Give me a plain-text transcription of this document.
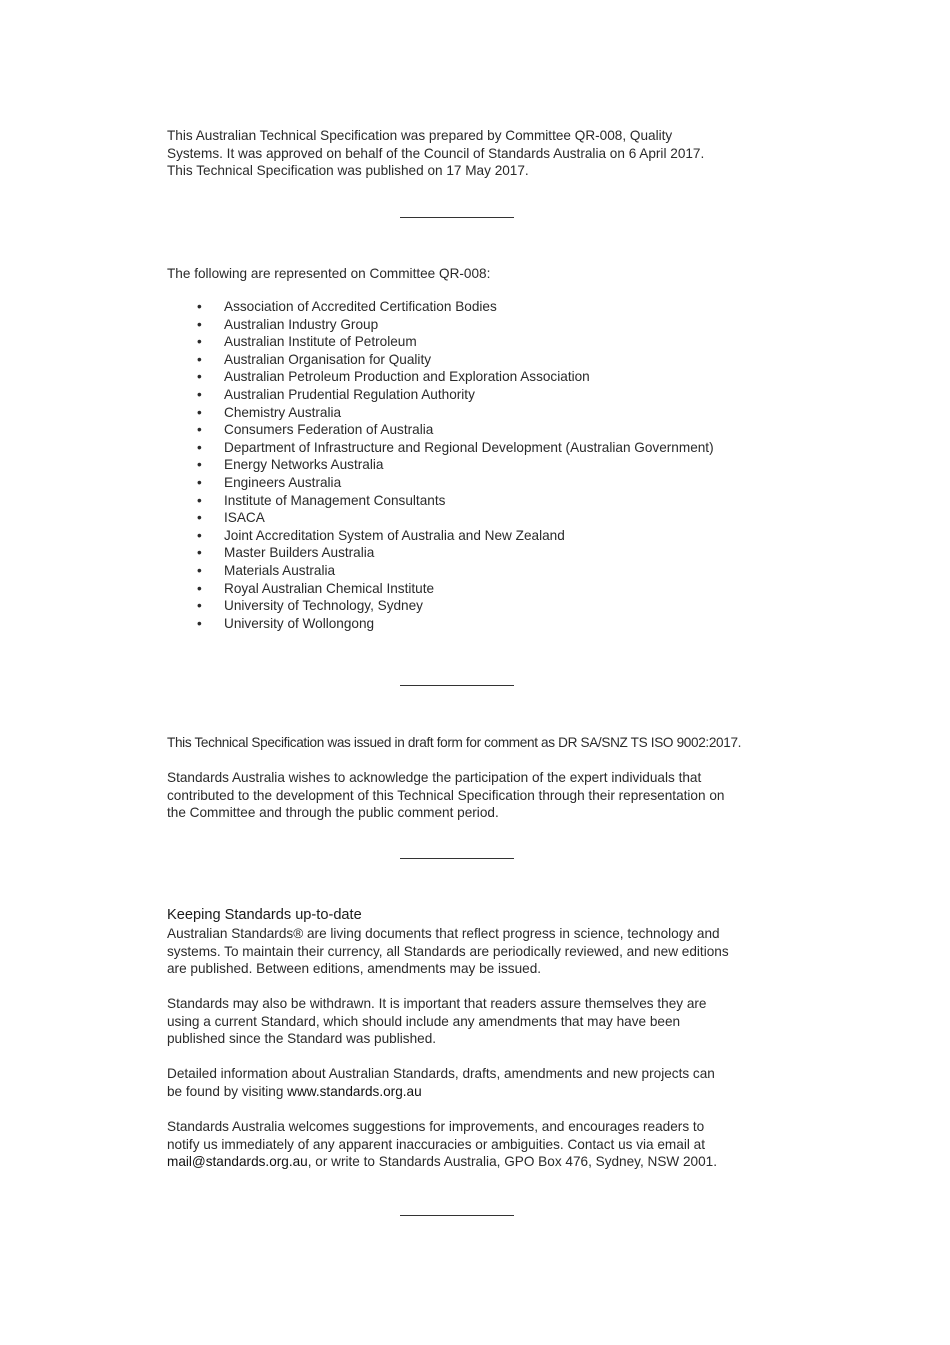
This Australian Technical Specification was prepared by Committee QR-008, Quality

Systems. It was approved on behalf of the Council of Standards Australia on 6 April 2017.

This Technical Specification was published on 17 May 2017.

The following are represented on Committee QR-008:

• Association of Accredited Certification Bodies
• Australian Industry Group
• Australian Institute of Petroleum
• Australian Organisation for Quality
• Australian Petroleum Production and Exploration Association
• Australian Prudential Regulation Authority
• Chemistry Australia
• Consumers Federation of Australia
• Department of Infrastructure and Regional Development (Australian Government)
• Energy Networks Australia
• Engineers Australia
• Institute of Management Consultants
• ISACA
• Joint Accreditation System of Australia and New Zealand
• Master Builders Australia
• Materials Australia
• Royal Australian Chemical Institute
• University of Technology, Sydney
• University of Wollongong

This Technical Specification was issued in draft form for comment as DR SA/SNZ TS ISO 9002:2017.

Standards Australia wishes to acknowledge the participation of the expert individuals that

contributed to the development of this Technical Specification through their representation on

the Committee and through the public comment period.

Keeping Standards up-to-date

Australian Standards® are living documents that reflect progress in science, technology and

systems. To maintain their currency, all Standards are periodically reviewed, and new editions

are published. Between editions, amendments may be issued.

Standards may also be withdrawn. It is important that readers assure themselves they are

using a current Standard, which should include any amendments that may have been

published since the Standard was published.

Detailed information about Australian Standards, drafts, amendments and new projects can

be found by visiting www.standards.org.au

Standards Australia welcomes suggestions for improvements, and encourages readers to

notify us immediately of any apparent inaccuracies or ambiguities. Contact us via email at

mail@standards.org.au, or write to Standards Australia, GPO Box 476, Sydney, NSW 2001.
